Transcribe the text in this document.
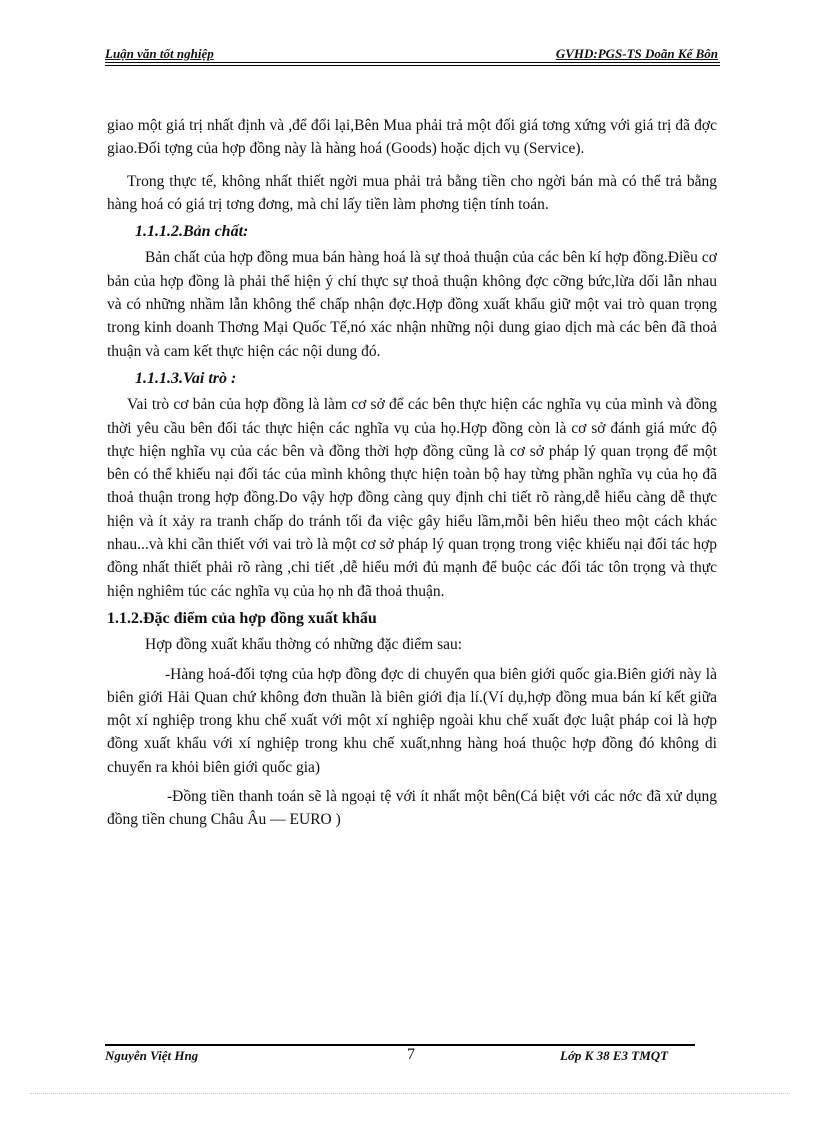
Luận văn tốt nghiệp	GVHD:PGS-TS Doãn Kế Bôn

giao một giá trị nhất định và ,để đổi lại,Bên Mua phải trả một đối giá tơng xứng với giá trị đã đợc giao.Đối tợng của hợp đồng này là hàng hoá (Goods) hoặc dịch vụ (Service).

Trong thực tế, không nhất thiết ngời mua phải trả bằng tiền cho ngời bán mà có thể trả bằng hàng hoá có giá trị tơng đơng, mà chỉ lấy tiền làm phơng tiện tính toán.

1.1.1.2.Bản chất:

Bản chất của hợp đồng mua bán hàng hoá là sự thoả thuận của các bên kí hợp đồng.Điều cơ bản của hợp đồng là phải thể hiện ý chí thực sự thoả thuận không đợc cỡng bức,lừa dối lẫn nhau và có những nhầm lẫn không thể chấp nhận đợc.Hợp đồng xuất khẩu giữ một vai trò quan trọng trong kinh doanh Thơng Mại Quốc Tế,nó xác nhận những nội dung giao dịch mà các bên đã thoả thuận và cam kết thực hiện các nội dung đó.

1.1.1.3.Vai trò :

Vai trò cơ bản của hợp đồng là làm cơ sở để các bên thực hiện các nghĩa vụ của mình và đồng thời yêu cầu bên đối tác thực hiện các nghĩa vụ của họ.Hợp đồng còn là cơ sở đánh giá mức độ thực hiện nghĩa vụ của các bên và đồng thời hợp đồng cũng là cơ sở pháp lý quan trọng để một bên có thể khiếu nại đối tác của mình không thực hiện toàn bộ hay từng phần nghĩa vụ của họ đã thoả thuận trong hợp đồng.Do vậy hợp đồng càng quy định chi tiết rõ ràng,dễ hiểu càng dễ thực hiện và ít xảy ra tranh chấp do tránh tối đa việc gây hiểu lầm,mỗi bên hiểu theo một cách khác nhau...và khi cần thiết với vai trò là một cơ sở pháp lý quan trọng trong việc khiếu nại đối tác hợp đồng nhất thiết phải rõ ràng ,chi tiết ,dễ hiểu mới đủ mạnh để buộc các đối tác tôn trọng và thực hiện nghiêm túc các nghĩa vụ của họ nh đã thoả thuận.

1.1.2.Đặc điểm của hợp đồng xuất khẩu

Hợp đồng xuất khẩu thờng có những đặc điểm sau:

-Hàng hoá-đối tợng của hợp đồng đợc di chuyển qua biên giới quốc gia.Biên giới này là biên giới Hải Quan chứ không đơn thuần là biên giới địa lí.(Ví dụ,hợp đồng mua bán kí kết giữa một xí nghiệp trong khu chế xuất với một xí nghiệp ngoài khu chế xuất đợc luật pháp coi là hợp đồng xuất khẩu với xí nghiệp trong khu chế xuất,nhng hàng hoá thuộc hợp đồng đó không di chuyển ra khỏi biên giới quốc gia)

-Đồng tiền thanh toán sẽ là ngoại tệ với ít nhất một bên(Cá biệt với các nớc đã xử dụng đồng tiền chung Châu Âu — EURO )

Nguyễn Việt Hng	7	Lớp K 38 E3 TMQT
